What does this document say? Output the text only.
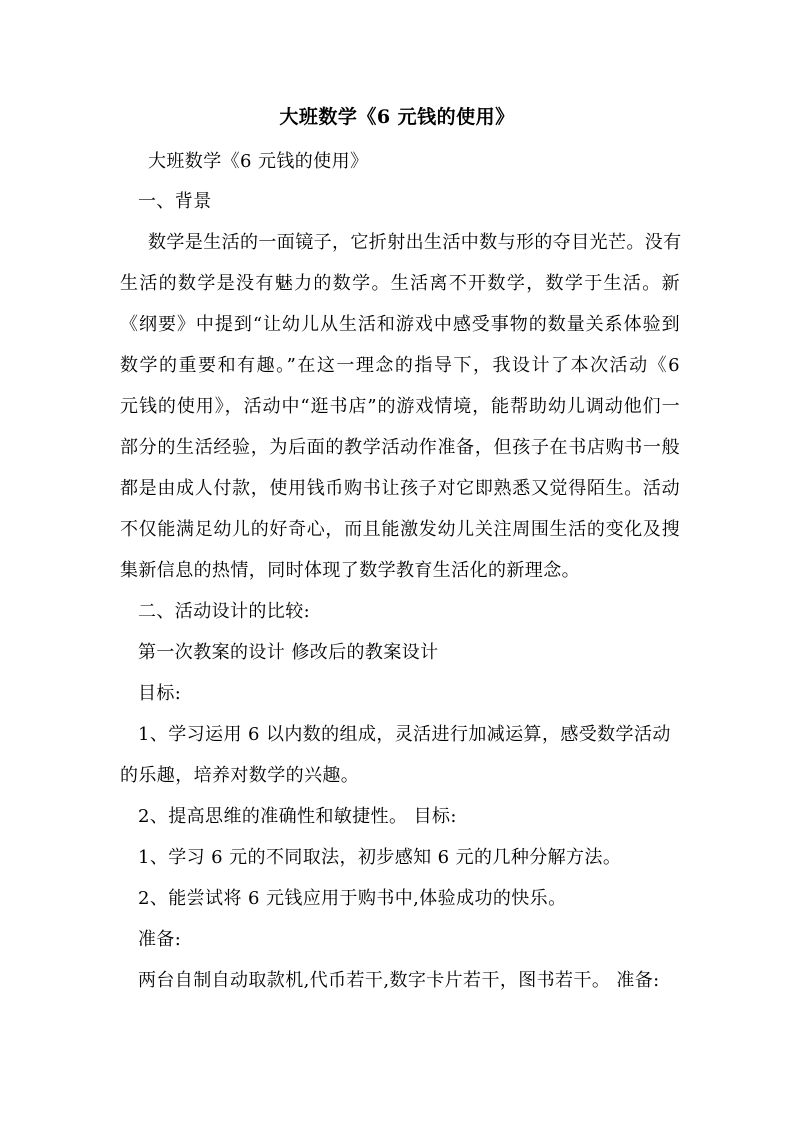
大班数学《6 元钱的使用》
大班数学《6 元钱的使用》
一、背景
数学是生活的一面镜子，它折射出生活中数与形的夺目光芒。没有
生活的数学是没有魅力的数学。生活离不开数学，数学于生活。新
《纲要》中提到“让幼儿从生活和游戏中感受事物的数量关系体验到
数学的重要和有趣。”在这一理念的指导下，我设计了本次活动《6
元钱的使用》，活动中“逛书店”的游戏情境，能帮助幼儿调动他们一
部分的生活经验，为后面的教学活动作准备，但孩子在书店购书一般
都是由成人付款，使用钱币购书让孩子对它即熟悉又觉得陌生。活动
不仅能满足幼儿的好奇心，而且能激发幼儿关注周围生活的变化及搜
集新信息的热情，同时体现了数学教育生活化的新理念。
二、活动设计的比较:
第一次教案的设计 修改后的教案设计
目标:
1、学习运用 6 以内数的组成，灵活进行加减运算，感受数学活动
的乐趣，培养对数学的兴趣。
2、提高思维的准确性和敏捷性。 目标:
1、学习 6 元的不同取法，初步感知 6 元的几种分解方法。
2、能尝试将 6 元钱应用于购书中,体验成功的快乐。
准备:
两台自制自动取款机,代币若干,数字卡片若干，图书若干。 准备:
